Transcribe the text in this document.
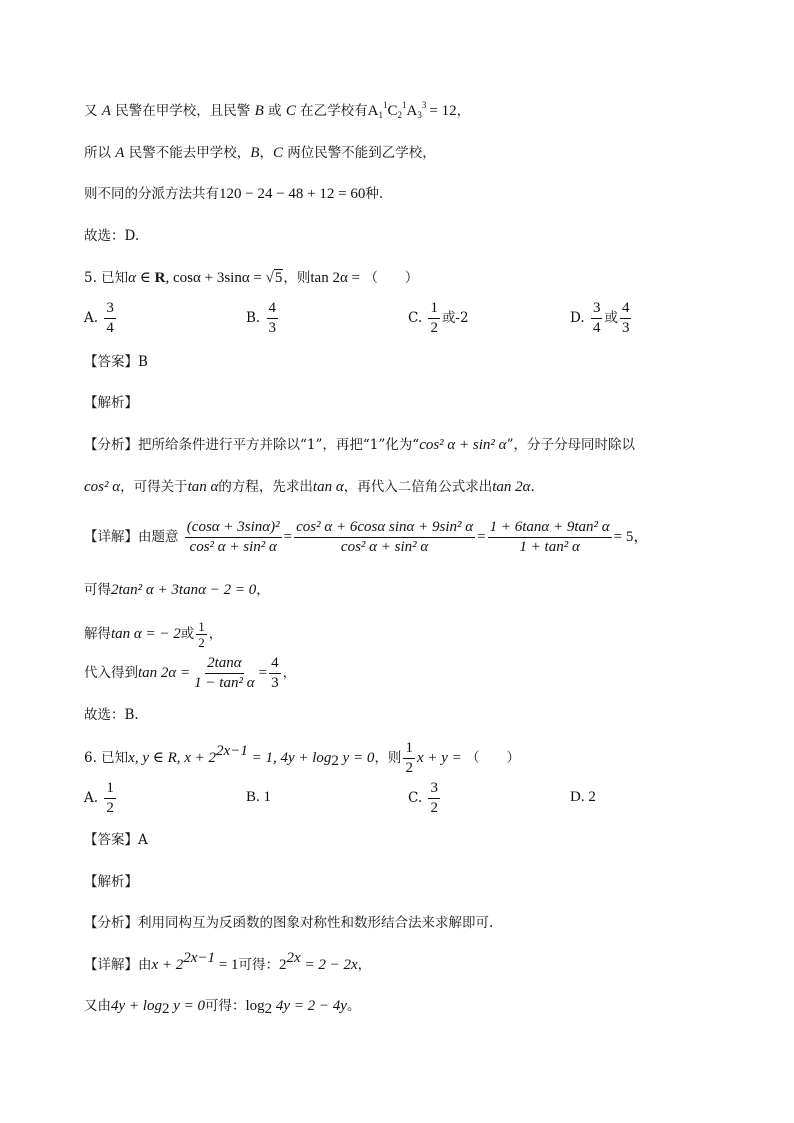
又 A 民警在甲学校，且民警 B 或 C 在乙学校有$A_1^1C_2^1A_3^3 = 12$，
所以 A 民警不能去甲学校，B，C 两位民警不能到乙学校，
则不同的分派方法共有120 − 24 − 48 + 12 = 60种.
故选：D.
5. 已知α ∈ R, cosα + 3sinα = √5，则tan 2α = （　　）
A. $\frac{3}{4}$	B. $\frac{4}{3}$	C. $\frac{1}{2}$ 或-2	D. $\frac{3}{4}$ 或 $\frac{4}{3}$
【答案】B
【解析】
【分析】把所给条件进行平方并除以“1”，再把“1”化为“cos² α + sin² α”，分子分母同时除以
cos² α，可得关于tan α的方程，先求出tan α，再代入二倍角公式求出tan 2α.
【详解】由题意 $\frac{\text{(cosα + 3sinα)²}}{\text{cos² α + sin² α}} = \frac{\text{cos² α + 6cosα sinα + 9sin² α}}{\text{cos² α + sin² α}} = \frac{\text{1 + 6tanα + 9tan² α}}{\text{1 + tan² α}} = 5$，
可得2tan² α + 3tanα − 2 = 0，
解得tan α = − 2或 $\frac{1}{2}$ ，
代入得到$\tan 2\alpha = \frac{2\tan\alpha}{\text{1 − tan² α}} = \frac{4}{3}$ ，
故选：B.
6. 已知x, y ∈ R, $x + 2^{2x-1} = 1$, $4y + \log_2 y = 0$，则 $\frac{1}{2}$ x + y = （　　）
A. $\frac{1}{2}$	B. 1	C. $\frac{3}{2}$	D. 2
【答案】A
【解析】
【分析】利用同构互为反函数的图象对称性和数形结合法来求解即可.
【详解】由$x + 2^{2x-1} = 1$可得：$2^{2x} = 2 - 2x$，
又由$4y + \log_2 y = 0$可得：$\log_2 4y = 2 - 4y$。
